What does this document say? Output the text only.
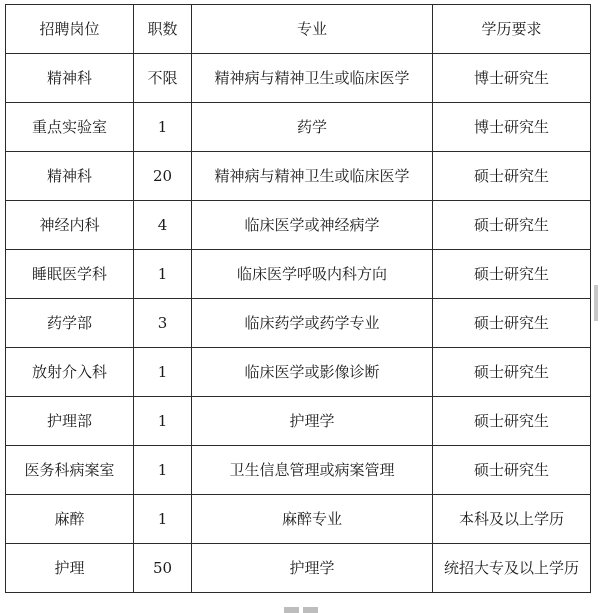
招聘岗位	职数	专业	学历要求
精神科	不限	精神病与精神卫生或临床医学	博士研究生
重点实验室	1	药学	博士研究生
精神科	20	精神病与精神卫生或临床医学	硕士研究生
神经内科	4	临床医学或神经病学	硕士研究生
睡眠医学科	1	临床医学呼吸内科方向	硕士研究生
药学部	3	临床药学或药学专业	硕士研究生
放射介入科	1	临床医学或影像诊断	硕士研究生
护理部	1	护理学	硕士研究生
医务科病案室	1	卫生信息管理或病案管理	硕士研究生
麻醉	1	麻醉专业	本科及以上学历
护理	50	护理学	统招大专及以上学历
